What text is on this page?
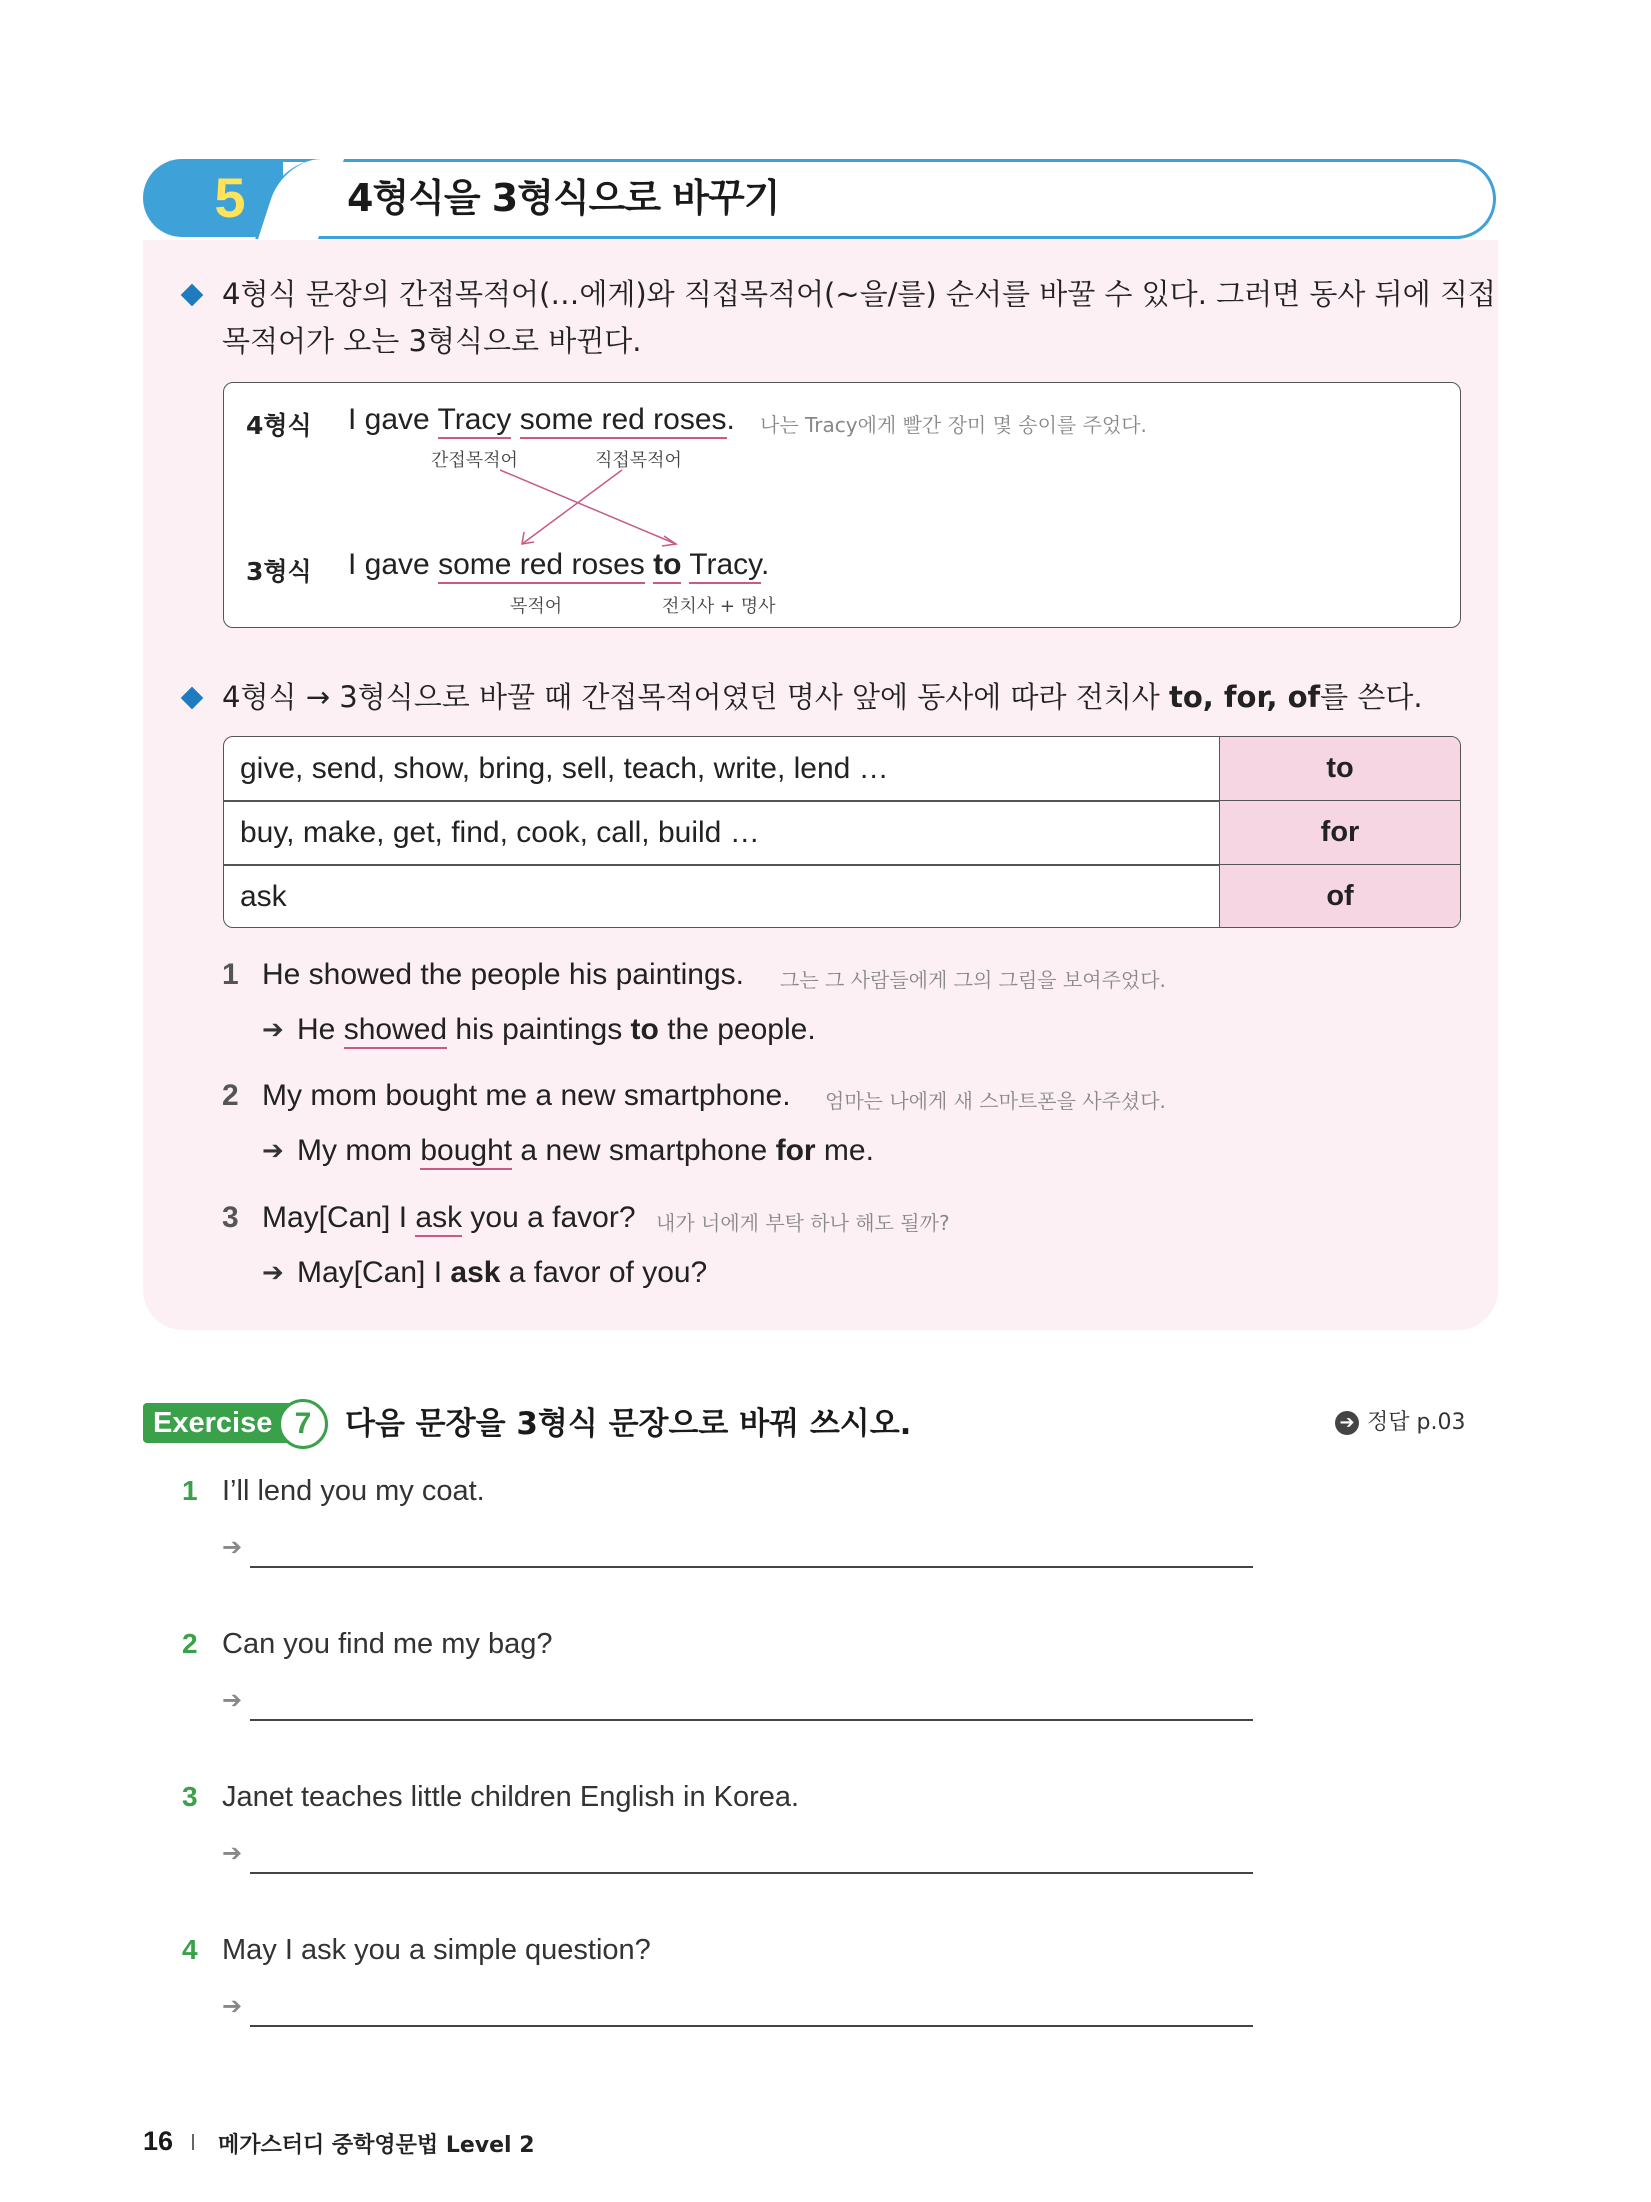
5	4형식을 3형식으로 바꾸기
4형식 문장의 간접목적어(…에게)와 직접목적어(~을/를) 순서를 바꿀 수 있다. 그러면 동사 뒤에 직접
목적어가 오는 3형식으로 바뀐다.
4형식 I gave Tracy some red roses. 나는 Tracy에게 빨간 장미 몇 송이를 주었다.
간접목적어	직접목적어
3형식 I gave some red roses to Tracy.
목적어	전치사 + 명사
4형식 → 3형식으로 바꿀 때 간접목적어였던 명사 앞에 동사에 따라 전치사 to, for, of를 쓴다.
give, send, show, bring, sell, teach, write, lend …	to
buy, make, get, find, cook, call, build …	for
ask	of
1 He showed the people his paintings. 그는 그 사람들에게 그의 그림을 보여주었다.
➔ He showed his paintings to the people.
2 My mom bought me a new smartphone. 엄마는 나에게 새 스마트폰을 사주셨다.
➔ My mom bought a new smartphone for me.
3 May[Can] I ask you a favor? 내가 너에게 부탁 하나 해도 될까?
➔ May[Can] I ask a favor of you?
Exercise 7	다음 문장을 3형식 문장으로 바꿔 쓰시오.	➔ 정답 p.03
1 I’ll lend you my coat.
➔
2 Can you find me my bag?
➔
3 Janet teaches little children English in Korea.
➔
4 May I ask you a simple question?
➔
16 메가스터디 중학영문법 Level 2
